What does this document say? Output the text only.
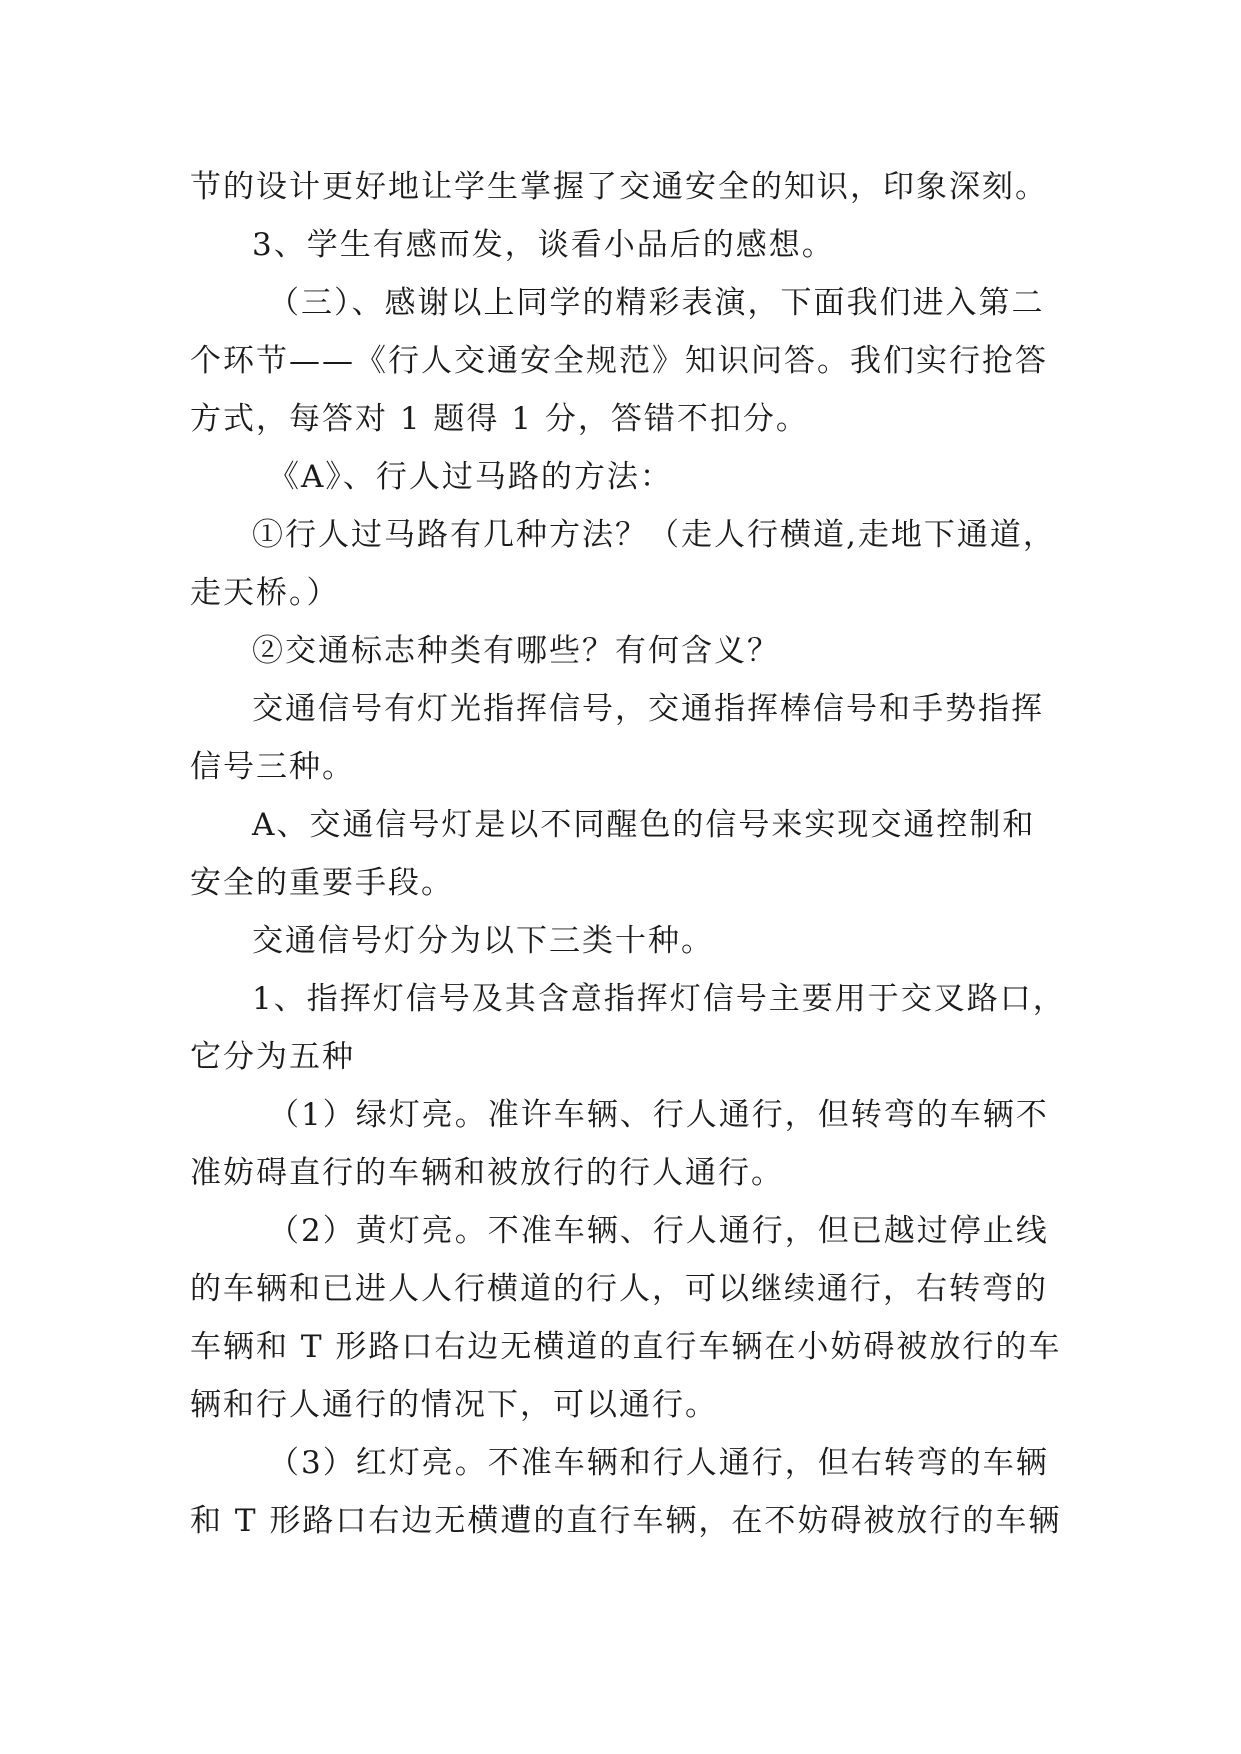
节的设计更好地让学生掌握了交通安全的知识，印象深刻。
3、学生有感而发，谈看小品后的感想。
（三）、感谢以上同学的精彩表演，下面我们进入第二
个环节——《行人交通安全规范》知识问答。我们实行抢答
方式，每答对 1 题得 1 分，答错不扣分。
《A》、行人过马路的方法：
①行人过马路有几种方法？（走人行横道,走地下通道，
走天桥。）
②交通标志种类有哪些？有何含义？
交通信号有灯光指挥信号，交通指挥棒信号和手势指挥
信号三种。
A、交通信号灯是以不同醒色的信号来实现交通控制和
安全的重要手段。
交通信号灯分为以下三类十种。
1、指挥灯信号及其含意指挥灯信号主要用于交叉路口，
它分为五种
（1）绿灯亮。准许车辆、行人通行，但转弯的车辆不
准妨碍直行的车辆和被放行的行人通行。
（2）黄灯亮。不准车辆、行人通行，但已越过停止线
的车辆和已进人人行横道的行人，可以继续通行，右转弯的
车辆和 T 形路口右边无横道的直行车辆在小妨碍被放行的车
辆和行人通行的情况下，可以通行。
（3）红灯亮。不准车辆和行人通行，但右转弯的车辆
和 T 形路口右边无横遭的直行车辆，在不妨碍被放行的车辆
